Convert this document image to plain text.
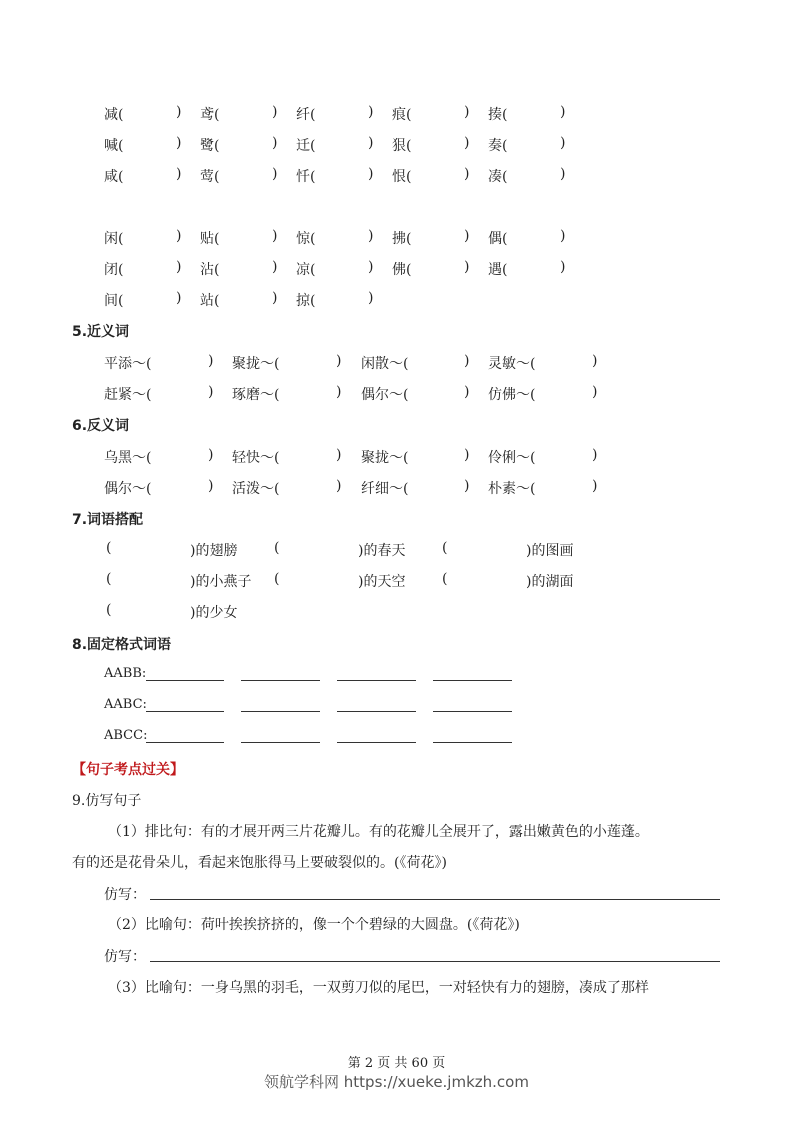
减(	) 鸢(	) 纤(	) 痕(	) 揍(	)
喊(	) 鹭(	) 迁(	) 狠(	) 奏(	)
咸(	) 莺(	) 忏(	) 恨(	) 凑(	)
闲(	) 贴(	) 惊(	) 拂(	) 偶(	)
闭(	) 沾(	) 凉(	) 佛(	) 遇(	)
间(	) 站(	) 掠(	)
5.近义词
平添～(	) 聚拢～(	) 闲散～(	) 灵敏～(	)
赶紧～(	) 琢磨～(	) 偶尔～(	) 仿佛～(	)
6.反义词
乌黑～(	) 轻快～(	) 聚拢～(	) 伶俐～(	)
偶尔～(	) 活泼～(	) 纤细～(	) 朴素～(	)
7.词语搭配
(	)的翅膀	(	)的春天	(	)的图画
(	)的小燕子 (	)的天空	(	)的湖面
(	)的少女
8.固定格式词语
AABB:
AABC:
ABCC:
【句子考点过关】
9.仿写句子
（1）排比句：有的才展开两三片花瓣儿。有的花瓣儿全展开了，露出嫩黄色的小莲蓬。
有的还是花骨朵儿，看起来饱胀得马上要破裂似的。(《荷花》)
仿写：
（2）比喻句：荷叶挨挨挤挤的，像一个个碧绿的大圆盘。(《荷花》)
仿写：
（3）比喻句：一身乌黑的羽毛，一双剪刀似的尾巴，一对轻快有力的翅膀，凑成了那样
第 2 页 共 60 页
领航学科网 https://xueke.jmkzh.com
